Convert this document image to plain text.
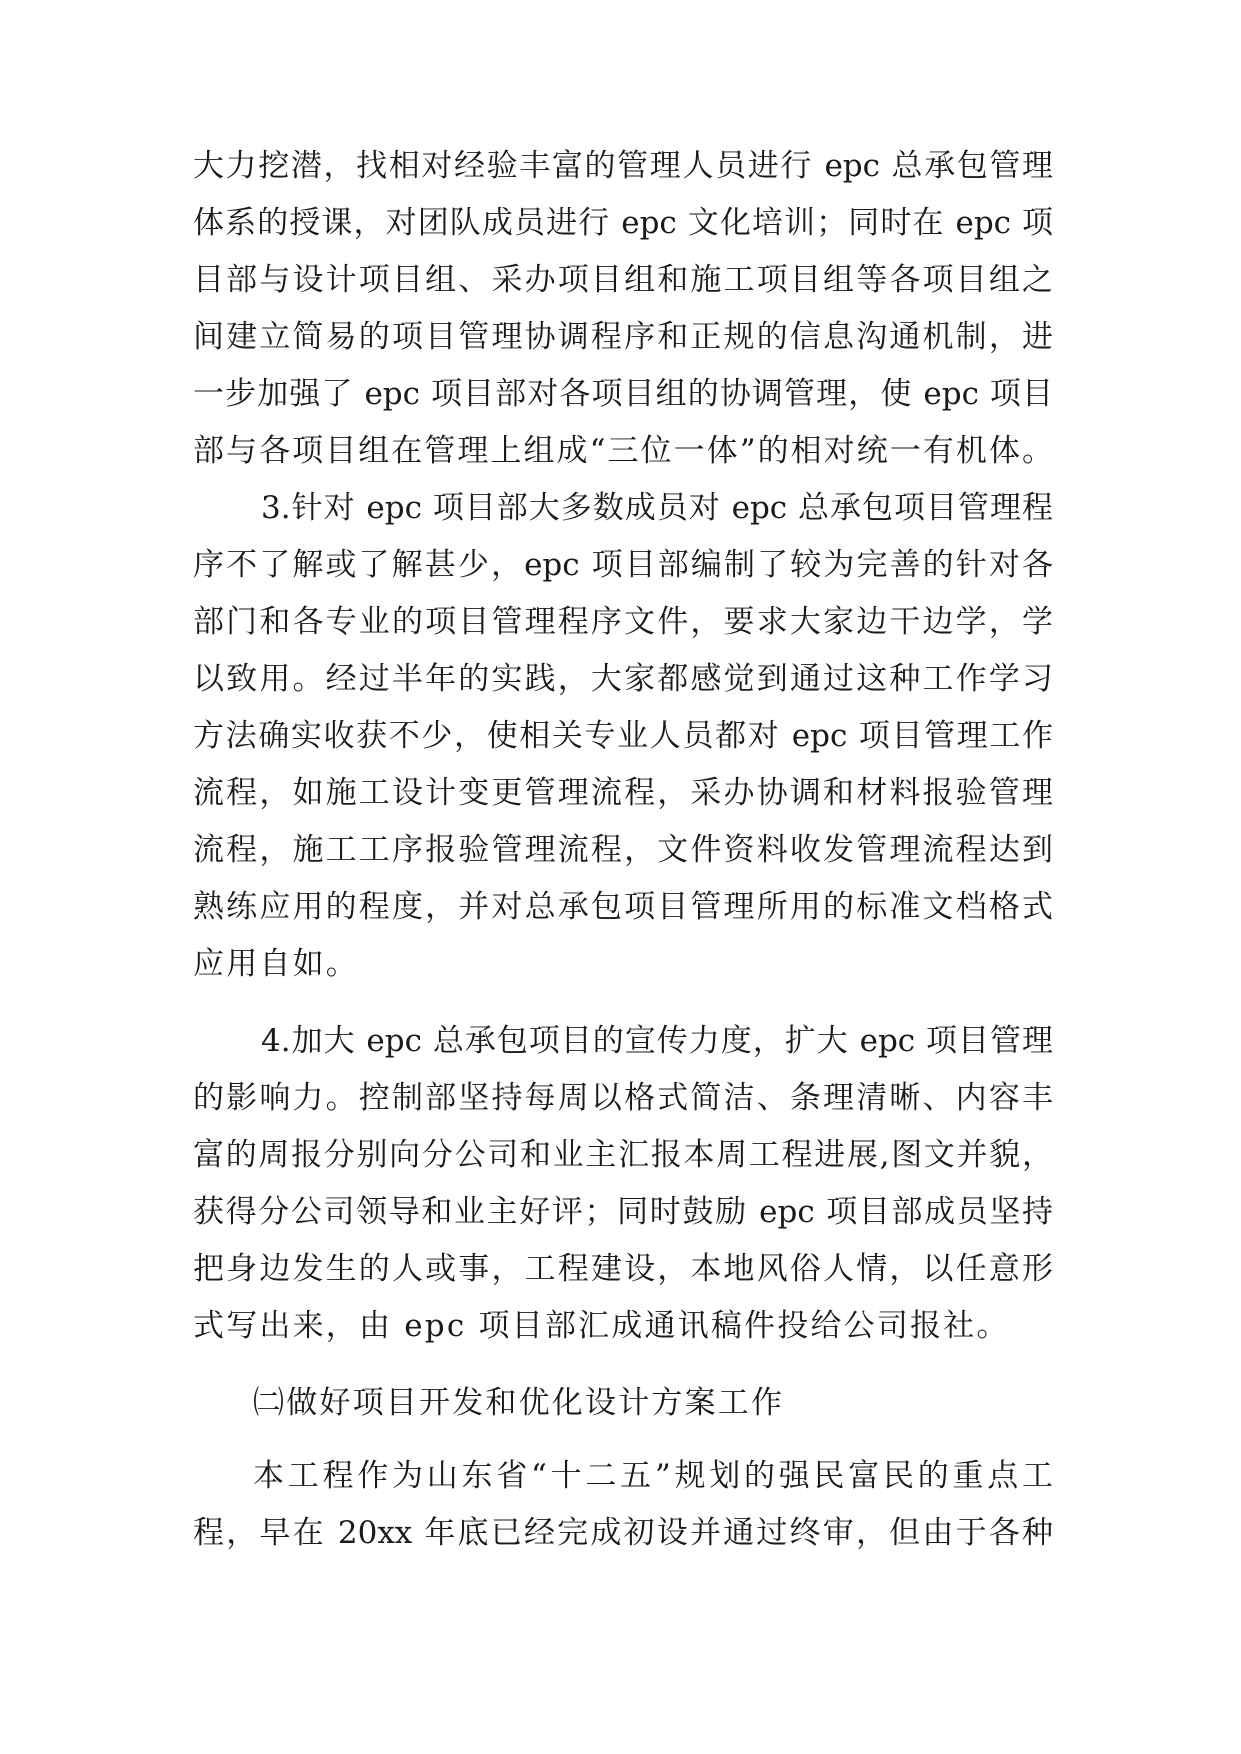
大力挖潜，找相对经验丰富的管理人员进行 epc 总承包管理
体系的授课，对团队成员进行 epc 文化培训；同时在 epc 项
目部与设计项目组、采办项目组和施工项目组等各项目组之
间建立简易的项目管理协调程序和正规的信息沟通机制，进
一步加强了 epc 项目部对各项目组的协调管理，使 epc 项目
部与各项目组在管理上组成“三位一体”的相对统一有机体。
3.针对 epc 项目部大多数成员对 epc 总承包项目管理程
序不了解或了解甚少，epc 项目部编制了较为完善的针对各
部门和各专业的项目管理程序文件，要求大家边干边学，学
以致用。经过半年的实践，大家都感觉到通过这种工作学习
方法确实收获不少，使相关专业人员都对 epc 项目管理工作
流程，如施工设计变更管理流程，采办协调和材料报验管理
流程，施工工序报验管理流程，文件资料收发管理流程达到
熟练应用的程度，并对总承包项目管理所用的标准文档格式
应用自如。
4.加大 epc 总承包项目的宣传力度，扩大 epc 项目管理
的影响力。控制部坚持每周以格式简洁、条理清晰、内容丰
富的周报分别向分公司和业主汇报本周工程进展,图文并貌，
获得分公司领导和业主好评；同时鼓励 epc 项目部成员坚持
把身边发生的人或事，工程建设，本地风俗人情，以任意形
式写出来，由 epc 项目部汇成通讯稿件投给公司报社。
㈡做好项目开发和优化设计方案工作
本工程作为山东省“十二五”规划的强民富民的重点工
程，早在 20xx 年底已经完成初设并通过终审，但由于各种
